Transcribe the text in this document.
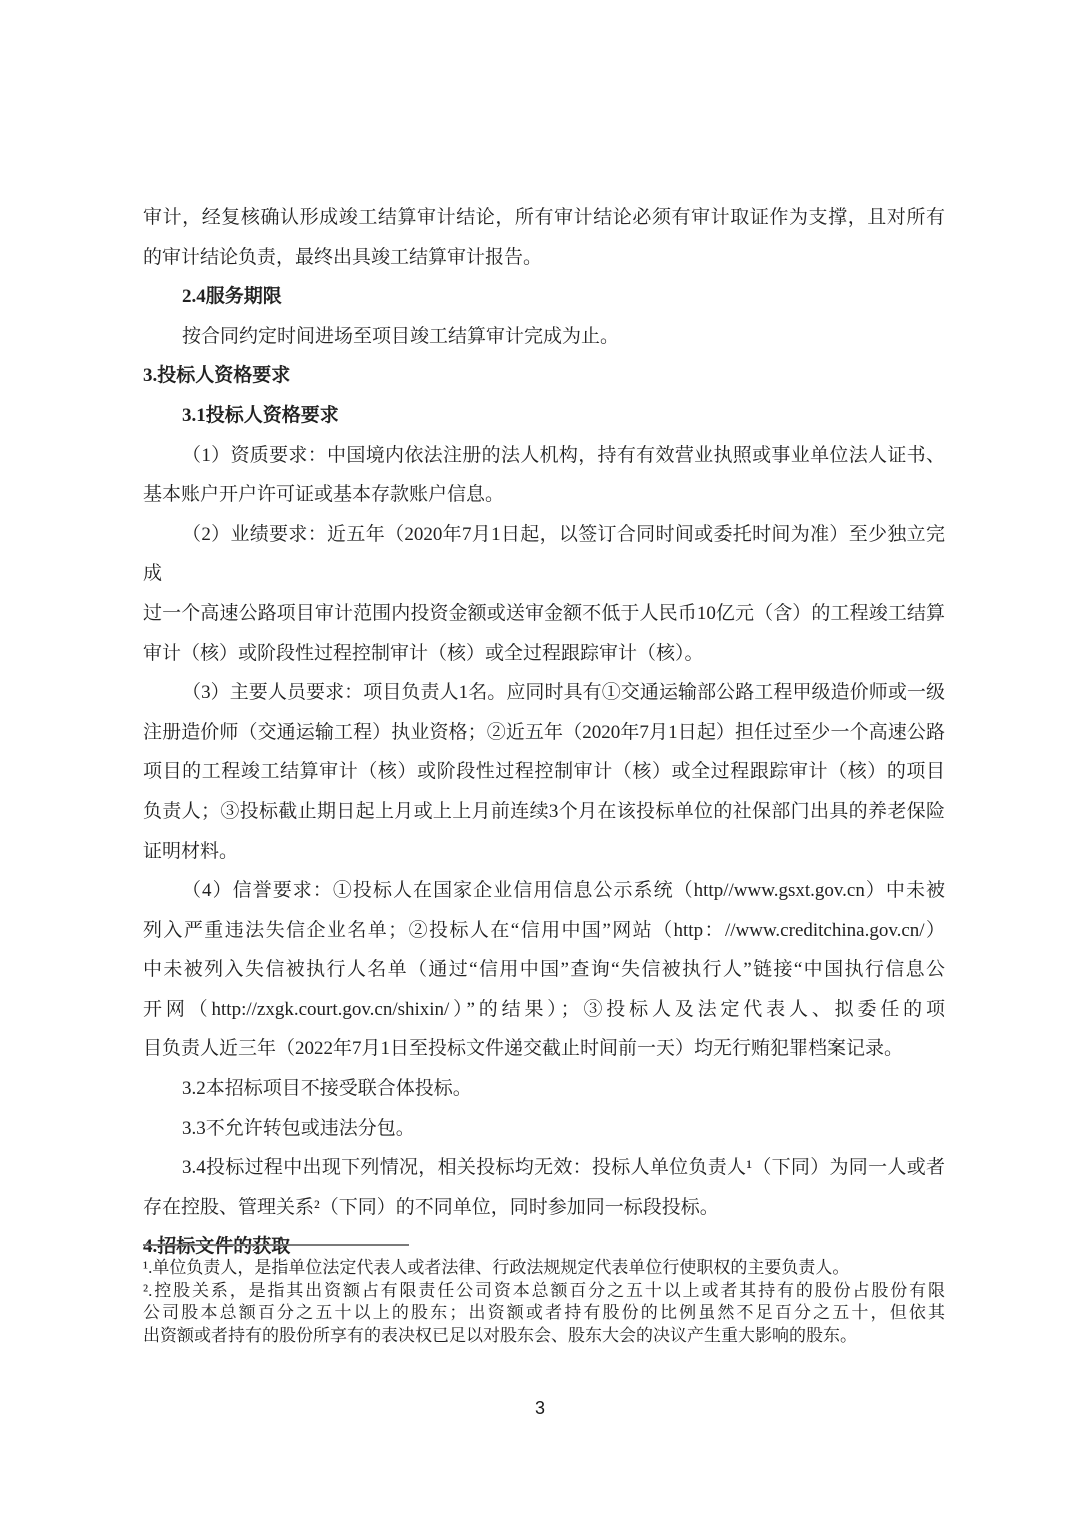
审计，经复核确认形成竣工结算审计结论，所有审计结论必须有审计取证作为支撑，且对所有
的审计结论负责，最终出具竣工结算审计报告。
2.4服务期限
按合同约定时间进场至项目竣工结算审计完成为止。
3.投标人资格要求
3.1投标人资格要求
（1）资质要求：中国境内依法注册的法人机构，持有有效营业执照或事业单位法人证书、
基本账户开户许可证或基本存款账户信息。
（2）业绩要求：近五年（2020年7月1日起，以签订合同时间或委托时间为准）至少独立完成
过一个高速公路项目审计范围内投资金额或送审金额不低于人民币10亿元（含）的工程竣工结算
审计（核）或阶段性过程控制审计（核）或全过程跟踪审计（核）。
（3）主要人员要求：项目负责人1名。应同时具有①交通运输部公路工程甲级造价师或一级
注册造价师（交通运输工程）执业资格；②近五年（2020年7月1日起）担任过至少一个高速公路
项目的工程竣工结算审计（核）或阶段性过程控制审计（核）或全过程跟踪审计（核）的项目
负责人；③投标截止期日起上月或上上月前连续3个月在该投标单位的社保部门出具的养老保险
证明材料。
（4）信誉要求：①投标人在国家企业信用信息公示系统（http//www.gsxt.gov.cn）中未被
列入严重违法失信企业名单；②投标人在“信用中国”网站（http：//www.creditchina.gov.cn/）
中未被列入失信被执行人名单（通过“信用中国”查询“失信被执行人”链接“中国执行信息公
开网（http://zxgk.court.gov.cn/shixin/）”的结果）；③投标人及法定代表人、拟委任的项
目负责人近三年（2022年7月1日至投标文件递交截止时间前一天）均无行贿犯罪档案记录。
3.2本招标项目不接受联合体投标。
3.3不允许转包或违法分包。
3.4投标过程中出现下列情况，相关投标均无效：投标人单位负责人¹（下同）为同一人或者
存在控股、管理关系²（下同）的不同单位，同时参加同一标段投标。
4.招标文件的获取
¹.单位负责人，是指单位法定代表人或者法律、行政法规规定代表单位行使职权的主要负责人。
².控股关系，是指其出资额占有限责任公司资本总额百分之五十以上或者其持有的股份占股份有限
公司股本总额百分之五十以上的股东；出资额或者持有股份的比例虽然不足百分之五十，但依其
出资额或者持有的股份所享有的表决权已足以对股东会、股东大会的决议产生重大影响的股东。
3
